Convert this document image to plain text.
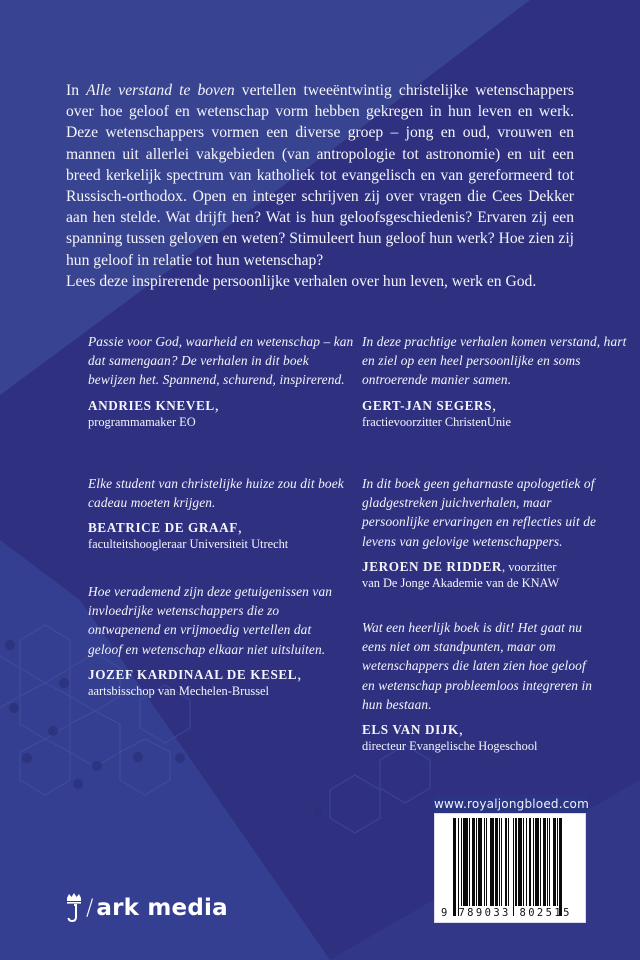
In Alle verstand te boven vertellen tweeëntwintig christelijke wetenschappers over hoe geloof en wetenschap vorm hebben gekregen in hun leven en werk. Deze wetenschappers vormen een diverse groep – jong en oud, vrouwen en mannen uit allerlei vakgebieden (van antropologie tot astronomie) en uit een breed kerkelijk spectrum van katholiek tot evangelisch en van gereformeerd tot Russisch-orthodox. Open en integer schrijven zij over vragen die Cees Dekker aan hen stelde. Wat drijft hen? Wat is hun geloofsgeschiedenis? Ervaren zij een spanning tussen geloven en weten? Stimuleert hun geloof hun werk? Hoe zien zij hun geloof in relatie tot hun wetenschap?

Lees deze inspirerende persoonlijke verhalen over hun leven, werk en God.

Passie voor God, waarheid en wetenschap – kan dat samengaan? De verhalen in dit boek bewijzen het. Spannend, schurend, inspirerend.

ANDRIES KNEVEL,
programmamaker EO

In deze prachtige verhalen komen verstand, hart en ziel op een heel persoonlijke en soms ontroerende manier samen.

GERT-JAN SEGERS,
fractievoorzitter ChristenUnie

Elke student van christelijke huize zou dit boek cadeau moeten krijgen.

BEATRICE DE GRAAF,
faculteitshoogleraar Universiteit Utrecht

In dit boek geen geharnaste apologetiek of gladgestreken juichverhalen, maar persoonlijke ervaringen en reflecties uit de levens van gelovige wetenschappers.

JEROEN DE RIDDER, voorzitter
van De Jonge Akademie van de KNAW

Hoe verademend zijn deze getuigenissen van invloedrijke wetenschappers die zo ontwapenend en vrijmoedig vertellen dat geloof en wetenschap elkaar niet uitsluiten.

JOZEF KARDINAAL DE KESEL,
aartsbisschop van Mechelen-Brussel

Wat een heerlijk boek is dit! Het gaat nu eens niet om standpunten, maar om wetenschappers die laten zien hoe geloof en wetenschap probleemloos integreren in hun bestaan.

ELS VAN DIJK,
directeur Evangelische Hogeschool
www.royaljongbloed.com
9 789033 802515
/ ark media
